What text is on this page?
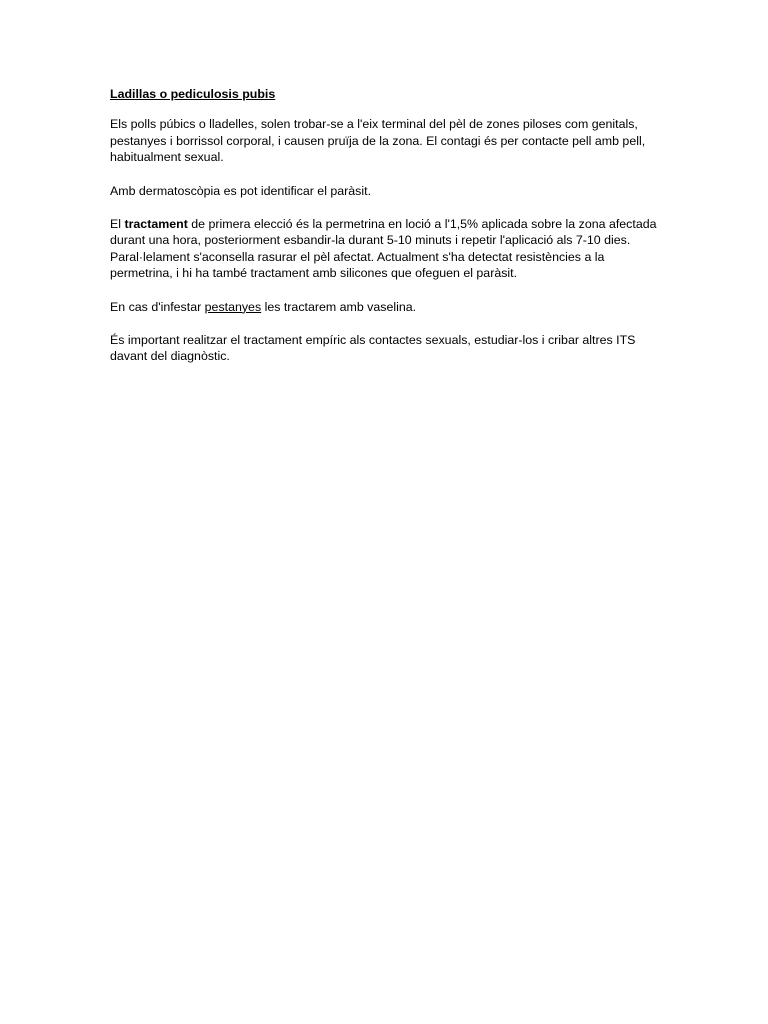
Ladillas o pediculosis pubis

Els polls púbics o lladelles, solen trobar-se a l'eix terminal del pèl de zones piloses com genitals, pestanyes i borrissol corporal, i causen pruïja de la zona. El contagi és per contacte pell amb pell, habitualment sexual.

Amb dermatoscòpia es pot identificar el paràsit.

El tractament de primera elecció és la permetrina en loció a l'1,5% aplicada sobre la zona afectada durant una hora, posteriorment esbandir-la durant 5-10 minuts i repetir l'aplicació als 7-10 dies. Paral·lelament s'aconsella rasurar el pèl afectat. Actualment s'ha detectat resistències a la permetrina, i hi ha també tractament amb silicones que ofeguen el paràsit.

En cas d'infestar pestanyes les tractarem amb vaselina.

És important realitzar el tractament empíric als contactes sexuals, estudiar-los i cribar altres ITS davant del diagnòstic.
